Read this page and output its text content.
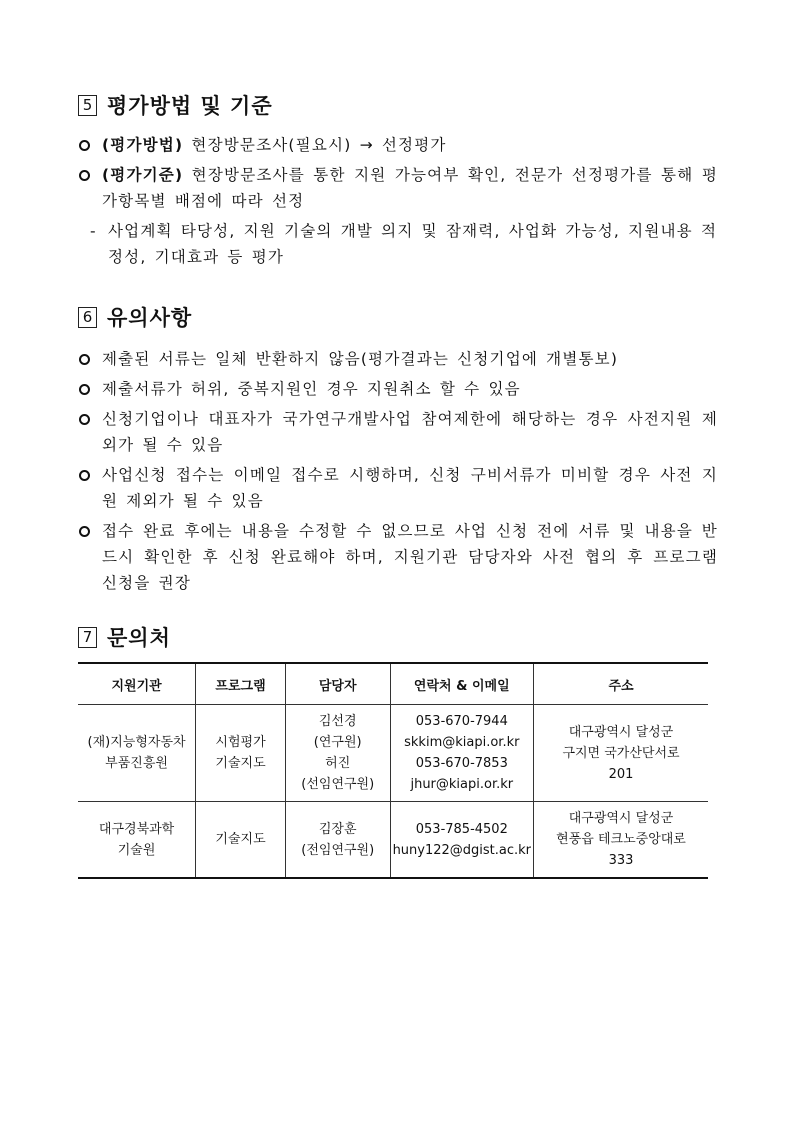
5 평가방법 및 기준
(평가방법) 현장방문조사(필요시) → 선정평가
(평가기준) 현장방문조사를 통한 지원 가능여부 확인, 전문가 선정평가를 통해 평가항목별 배점에 따라 선정
- 사업계획 타당성, 지원 기술의 개발 의지 및 잠재력, 사업화 가능성, 지원내용 적정성, 기대효과 등 평가
6 유의사항
제출된 서류는 일체 반환하지 않음(평가결과는 신청기업에 개별통보)
제출서류가 허위, 중복지원인 경우 지원취소 할 수 있음
신청기업이나 대표자가 국가연구개발사업 참여제한에 해당하는 경우 사전지원 제외가 될 수 있음
사업신청 접수는 이메일 접수로 시행하며, 신청 구비서류가 미비할 경우 사전 지원 제외가 될 수 있음
접수 완료 후에는 내용을 수정할 수 없으므로 사업 신청 전에 서류 및 내용을 반드시 확인한 후 신청 완료해야 하며, 지원기관 담당자와 사전 협의 후 프로그램 신청을 권장
7 문의처
지원기관	프로그램	담당자	연락처 & 이메일	주소

(재)지능형자동차
부품진흥원	시험평가
기술지도	김선경
(연구원)
허진
(선임연구원)	053-670-7944
skkim@kiapi.or.kr
053-670-7853
jhur@kiapi.or.kr	대구광역시 달성군
구지면 국가산단서로
201

대구경북과학
기술원	기술지도	김장훈
(전임연구원)	053-785-4502
huny122@dgist.ac.kr	대구광역시 달성군
현풍읍 테크노중앙대로
333
